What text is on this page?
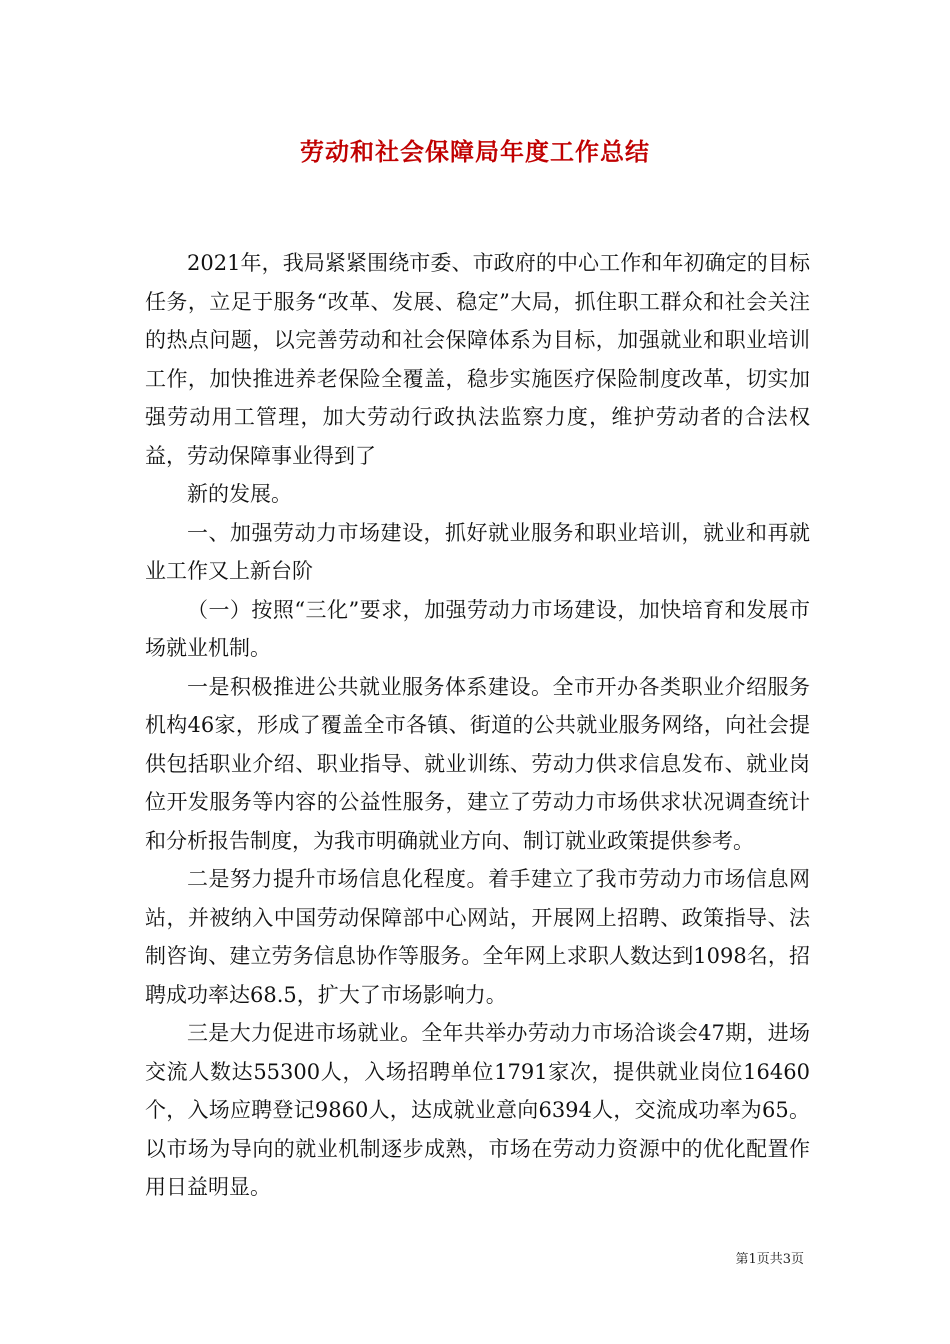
劳动和社会保障局年度工作总结

2021年，我局紧紧围绕市委、市政府的中心工作和年初确定的目标任务，立足于服务“改革、发展、稳定”大局，抓住职工群众和社会关注的热点问题，以完善劳动和社会保障体系为目标，加强就业和职业培训工作，加快推进养老保险全覆盖，稳步实施医疗保险制度改革，切实加强劳动用工管理，加大劳动行政执法监察力度，维护劳动者的合法权益，劳动保障事业得到了

新的发展。

一、加强劳动力市场建设，抓好就业服务和职业培训，就业和再就业工作又上新台阶

（一）按照“三化”要求，加强劳动力市场建设，加快培育和发展市场就业机制。

一是积极推进公共就业服务体系建设。全市开办各类职业介绍服务机构46家，形成了覆盖全市各镇、街道的公共就业服务网络，向社会提供包括职业介绍、职业指导、就业训练、劳动力供求信息发布、就业岗位开发服务等内容的公益性服务，建立了劳动力市场供求状况调查统计和分析报告制度，为我市明确就业方向、制订就业政策提供参考。

二是努力提升市场信息化程度。着手建立了我市劳动力市场信息网站，并被纳入中国劳动保障部中心网站，开展网上招聘、政策指导、法制咨询、建立劳务信息协作等服务。全年网上求职人数达到1098名，招聘成功率达68.5，扩大了市场影响力。

三是大力促进市场就业。全年共举办劳动力市场洽谈会47期，进场交流人数达55300人，入场招聘单位1791家次，提供就业岗位16460个，入场应聘登记9860人，达成就业意向6394人，交流成功率为65。以市场为导向的就业机制逐步成熟，市场在劳动力资源中的优化配置作用日益明显。

第1页共3页
